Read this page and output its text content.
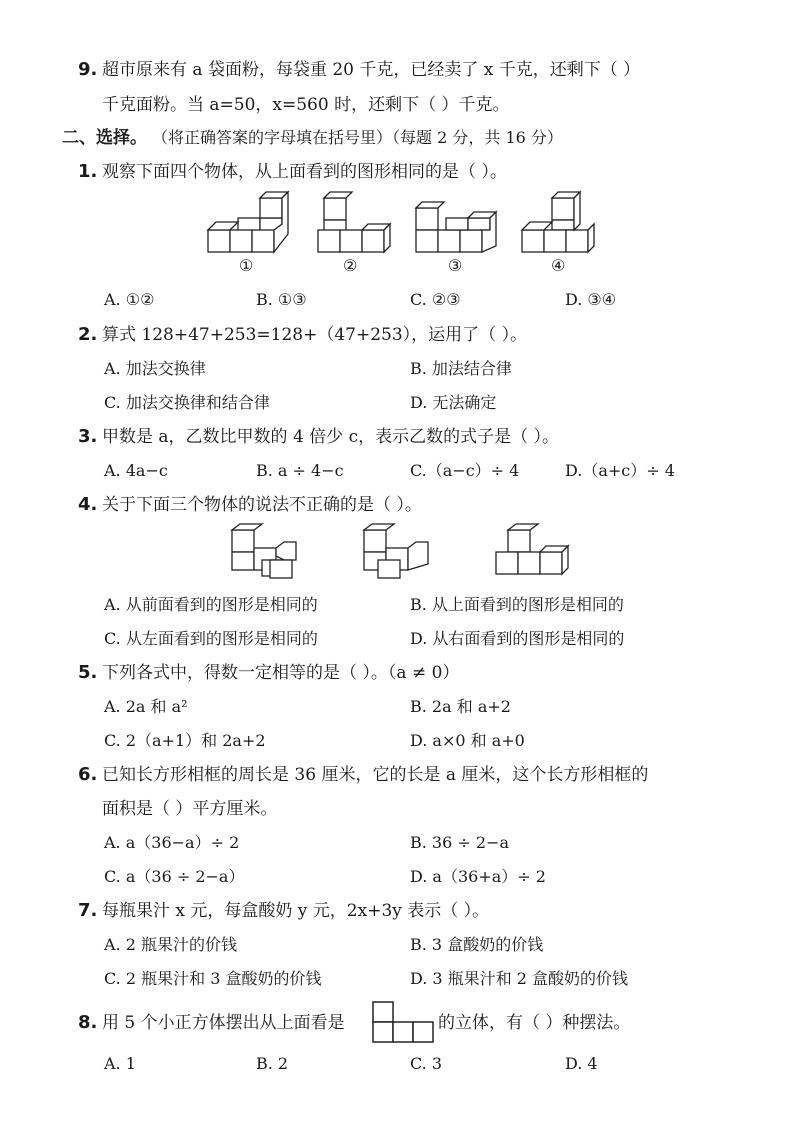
9. 超市原来有 a 袋面粉，每袋重 20 千克，已经卖了 x 千克，还剩下（ ）
千克面粉。当 a=50，x=560 时，还剩下（ ）千克。
二、选择。 （将正确答案的字母填在括号里）（每题 2 分，共 16 分）
1. 观察下面四个物体，从上面看到的图形相同的是（ ）。
①	②	③	④
A. ①②	B. ①③	C. ②③	D. ③④
2. 算式 128+47+253=128+（47+253），运用了（ ）。
A. 加法交换律	B. 加法结合律
C. 加法交换律和结合律	D. 无法确定
3. 甲数是 a，乙数比甲数的 4 倍少 c，表示乙数的式子是（ ）。
A. 4a−c	B. a ÷ 4−c	C.（a−c）÷ 4	D.（a+c）÷ 4
4. 关于下面三个物体的说法不正确的是（ ）。
A. 从前面看到的图形是相同的	B. 从上面看到的图形是相同的
C. 从左面看到的图形是相同的	D. 从右面看到的图形是相同的
5. 下列各式中，得数一定相等的是（ ）。（a ≠ 0）
A. 2a 和 a²	B. 2a 和 a+2
C. 2（a+1）和 2a+2	D. a×0 和 a+0
6. 已知长方形相框的周长是 36 厘米，它的长是 a 厘米，这个长方形相框的
面积是（ ）平方厘米。
A. a（36−a）÷ 2	B. 36 ÷ 2−a
C. a（36 ÷ 2−a）	D. a（36+a）÷ 2
7. 每瓶果汁 x 元，每盒酸奶 y 元，2x+3y 表示（ ）。
A. 2 瓶果汁的价钱	B. 3 盒酸奶的价钱
C. 2 瓶果汁和 3 盒酸奶的价钱	D. 3 瓶果汁和 2 盒酸奶的价钱
8. 用 5 个小正方体摆出从上面看是	的立体，有（ ）种摆法。
A. 1	B. 2	C. 3	D. 4
